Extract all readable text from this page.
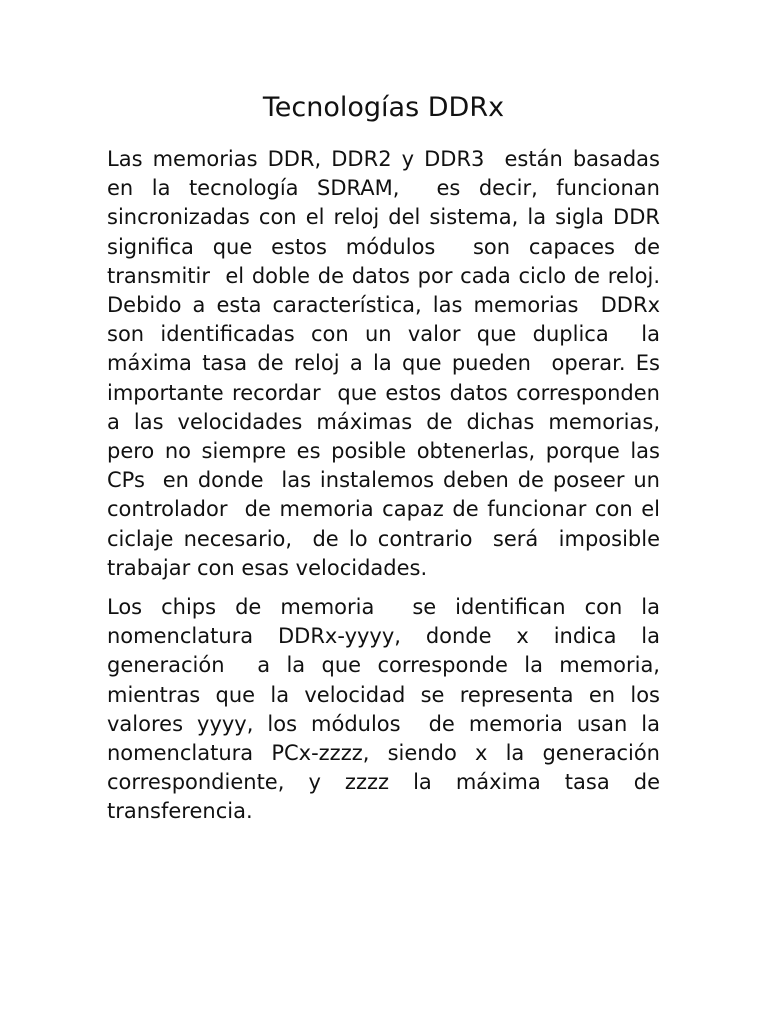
Tecnologías DDRx

Las memorias DDR, DDR2 y DDR3  están basadas en la tecnología SDRAM,  es decir, funcionan  sincronizadas con el reloj del sistema, la sigla DDR significa que estos módulos  son capaces de transmitir  el doble de datos por cada ciclo de reloj.  Debido a esta característica, las memorias  DDRx son identificadas con un valor que duplica  la máxima tasa de reloj a la que pueden  operar. Es importante recordar  que estos datos corresponden a las velocidades máximas de dichas memorias,  pero no siempre es posible obtenerlas, porque las CPs  en donde  las instalemos deben de poseer un controlador  de memoria capaz de funcionar con el ciclaje necesario,  de lo contrario  será  imposible trabajar con esas velocidades.

Los chips de memoria  se identifican con la nomenclatura DDRx-yyyy, donde x indica la generación  a la que corresponde la memoria, mientras que la velocidad se representa en los valores yyyy, los módulos  de memoria usan la nomenclatura PCx-zzzz, siendo x la generación correspondiente, y zzzz la máxima tasa de transferencia.
